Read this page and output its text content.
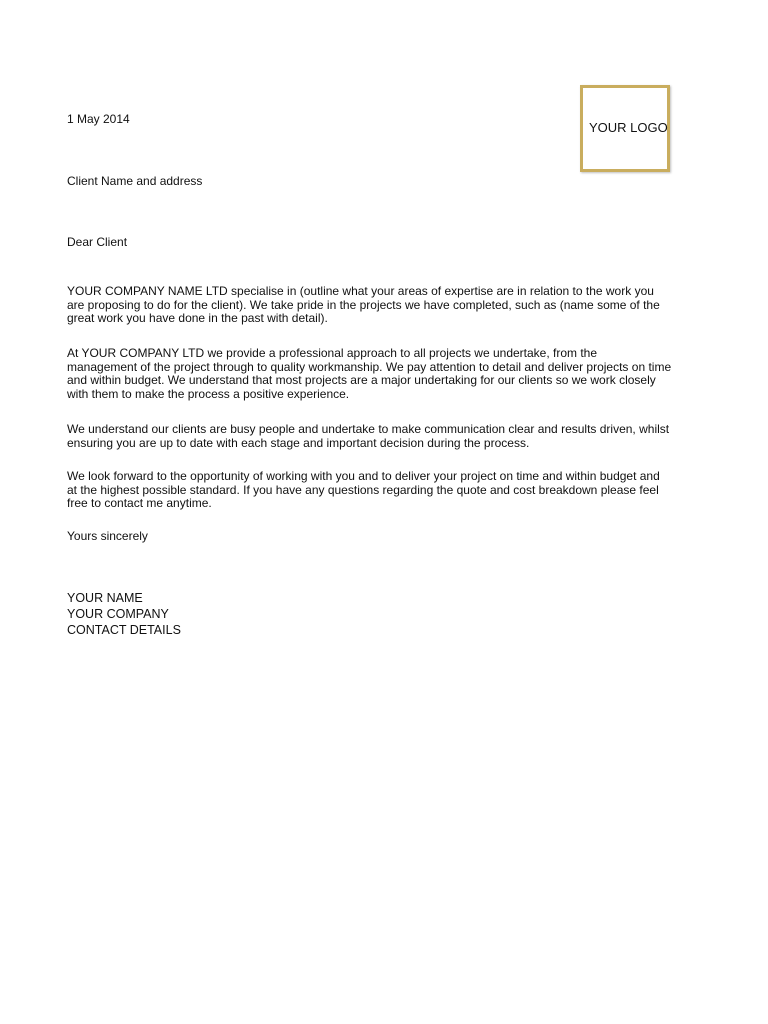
YOUR LOGO
1 May 2014
Client Name and address
Dear Client
YOUR COMPANY NAME LTD specialise in (outline what your areas of expertise are in relation to the work you
are proposing to do for the client). We take pride in the projects we have completed, such as (name some of the
great work you have done in the past with detail).
At YOUR COMPANY LTD we provide a professional approach to all projects we undertake, from the
management of the project through to quality workmanship. We pay attention to detail and deliver projects on time
and within budget. We understand that most projects are a major undertaking for our clients so we work closely
with them to make the process a positive experience.
We understand our clients are busy people and undertake to make communication clear and results driven, whilst
ensuring you are up to date with each stage and important decision during the process.
We look forward to the opportunity of working with you and to deliver your project on time and within budget and
at the highest possible standard. If you have any questions regarding the quote and cost breakdown please feel
free to contact me anytime.
Yours sincerely
YOUR NAME
YOUR COMPANY
CONTACT DETAILS
